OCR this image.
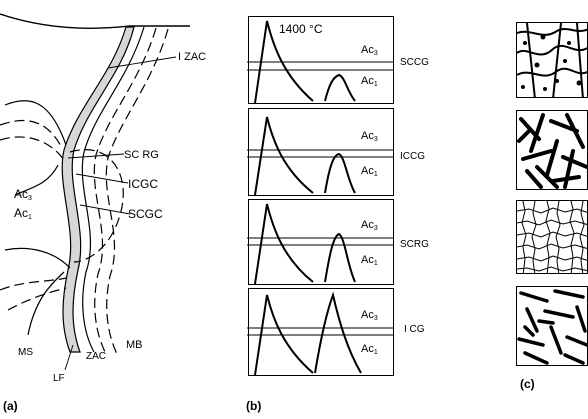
I ZAC
SC RG
ICGC
SCGC
$Ac_3$
$Ac_1$
MS
LF
ZAC
MB
(a)
1400 °C
$Ac_3$
$Ac_1$
SCCG
$Ac_3$
$Ac_1$
ICCG
$Ac_3$
$Ac_1$
SCRG
$Ac_3$
$Ac_1$
I CG
(b)
(c)
